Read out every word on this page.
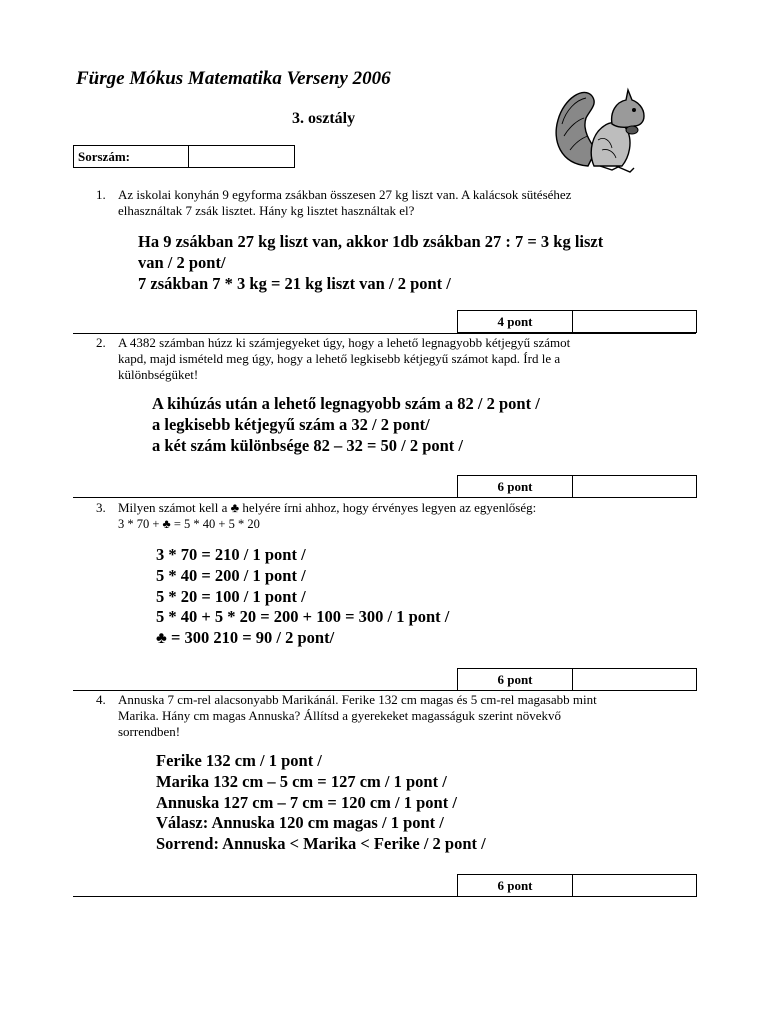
Fürge Mókus Matematika Verseny 2006
3. osztály
Sorszám:	
1. Az iskolai konyhán 9 egyforma zsákban összesen 27 kg liszt van. A kalácsok sütéséhez
elhasználtak 7 zsák lisztet. Hány kg lisztet használtak el?
Ha 9 zsákban 27 kg liszt van, akkor 1db zsákban 27 : 7 = 3 kg liszt
van / 2 pont/
7 zsákban 7 * 3 kg = 21 kg liszt van / 2 pont /
4 pont	
2. A 4382 számban húzz ki számjegyeket úgy, hogy a lehető legnagyobb kétjegyű számot
kapd, majd ismételd meg úgy, hogy a lehető legkisebb kétjegyű számot kapd. Írd le a
különbségüket!
A kihúzás után a lehető legnagyobb szám a 82 / 2 pont /
a legkisebb kétjegyű szám a 32 / 2 pont/
a két szám különbsége 82 – 32 = 50 / 2 pont /
6 pont	
3. Milyen számot kell a ♣ helyére írni ahhoz, hogy érvényes legyen az egyenlőség:
3 * 70 + ♣ = 5 * 40 + 5 * 20
3 * 70 = 210 / 1 pont /
5 * 40 = 200 / 1 pont /
5 * 20 = 100 / 1 pont /
5 * 40 + 5 * 20 = 200 + 100 = 300 / 1 pont /
♣ = 300 210 = 90 / 2 pont/
6 pont	
4. Annuska 7 cm-rel alacsonyabb Marikánál. Ferike 132 cm magas és 5 cm-rel magasabb mint
Marika. Hány cm magas Annuska? Állítsd a gyerekeket magasságuk szerint növekvő
sorrendben!
Ferike 132 cm / 1 pont /
Marika 132 cm – 5 cm = 127 cm / 1 pont /
Annuska 127 cm – 7 cm = 120 cm / 1 pont /
Válasz: Annuska 120 cm magas / 1 pont /
Sorrend: Annuska < Marika < Ferike / 2 pont /
6 pont	
